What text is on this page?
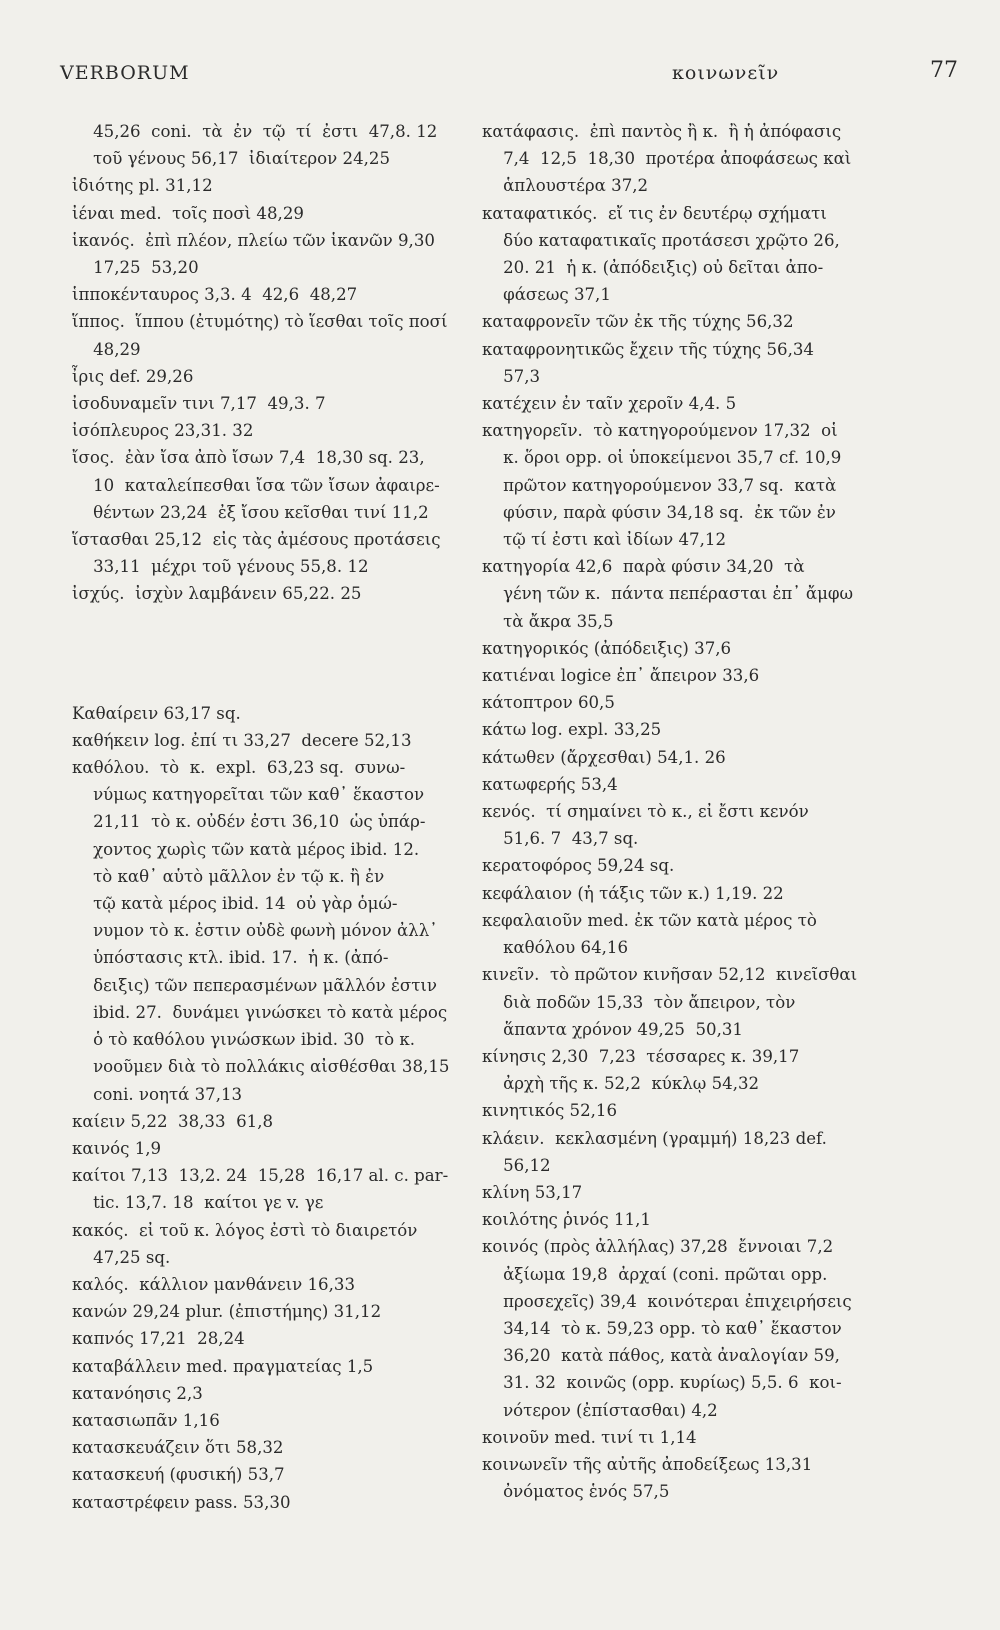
VERBORUM	κοινωνεῖν	77
45,26  coni.  τὰ  ἐν  τῷ  τί  ἐστι  47,8. 12
τοῦ γένους 56,17  ἰδιαίτερον 24,25
ἰδιότης pl. 31,12
ἰέναι med.  τοῖς ποσὶ 48,29
ἱκανός.  ἐπὶ πλέον, πλείω τῶν ἱκανῶν 9,30
17,25  53,20
ἱπποκένταυρος 3,3. 4  42,6  48,27
ἵππος.  ἵππου (ἐτυμότης) τὸ ἵεσθαι τοῖς ποσί
48,29
ἶρις def. 29,26
ἰσοδυναμεῖν τινι 7,17  49,3. 7
ἰσόπλευρος 23,31. 32
ἴσος.  ἐὰν ἴσα ἀπὸ ἴσων 7,4  18,30 sq. 23,
10  καταλείπεσθαι ἴσα τῶν ἴσων ἀφαιρε-
θέντων 23,24  ἐξ ἴσου κεῖσθαι τινί 11,2
ἵστασθαι 25,12  εἰς τὰς ἀμέσους προτάσεις
33,11  μέχρι τοῦ γένους 55,8. 12
ἰσχύς.  ἰσχὺν λαμβάνειν 65,22. 25
Καθαίρειν 63,17 sq.
καθήκειν log. ἐπί τι 33,27  decere 52,13
καθόλου.  τὸ  κ.  expl.  63,23 sq.  συνω-
νύμως κατηγορεῖται τῶν καθ᾽ ἕκαστον
21,11  τὸ κ. οὐδέν ἐστι 36,10  ὡς ὑπάρ-
χοντος χωρὶς τῶν κατὰ μέρος ibid. 12.
τὸ καθ᾽ αὑτὸ μᾶλλον ἐν τῷ κ. ἢ ἐν
τῷ κατὰ μέρος ibid. 14  οὐ γὰρ ὁμώ-
νυμον τὸ κ. ἐστιν οὐδὲ φωνὴ μόνον ἀλλ᾽
ὑπόστασις κτλ. ibid. 17.  ἡ κ. (ἀπό-
δειξις) τῶν πεπερασμένων μᾶλλόν ἐστιν
ibid. 27.  δυνάμει γινώσκει τὸ κατὰ μέρος
ὁ τὸ καθόλου γινώσκων ibid. 30  τὸ κ.
νοοῦμεν διὰ τὸ πολλάκις αἰσθέσθαι 38,15
coni. νοητά 37,13
καίειν 5,22  38,33  61,8
καινός 1,9
καίτοι 7,13  13,2. 24  15,28  16,17 al. c. par-
tic. 13,7. 18  καίτοι γε v. γε
κακός.  εἰ τοῦ κ. λόγος ἐστὶ τὸ διαιρετόν
47,25 sq.
καλός.  κάλλιον μανθάνειν 16,33
κανών 29,24 plur. (ἐπιστήμης) 31,12
καπνός 17,21  28,24
καταβάλλειν med. πραγματείας 1,5
κατανόησις 2,3
κατασιωπᾶν 1,16
κατασκευάζειν ὅτι 58,32
κατασκευή (φυσική) 53,7
καταστρέφειν pass. 53,30
κατάφασις.  ἐπὶ παντὸς ἢ κ.  ἢ ἡ ἀπόφασις
7,4  12,5  18,30  προτέρα ἀποφάσεως καὶ
ἁπλουστέρα 37,2
καταφατικός.  εἴ τις ἐν δευτέρῳ σχήματι
δύο καταφατικαῖς προτάσεσι χρῷτο 26,
20. 21  ἡ κ. (ἀπόδειξις) οὐ δεῖται ἀπο-
φάσεως 37,1
καταφρονεῖν τῶν ἐκ τῆς τύχης 56,32
καταφρονητικῶς ἔχειν τῆς τύχης 56,34
57,3
κατέχειν ἐν ταῖν χεροῖν 4,4. 5
κατηγορεῖν.  τὸ κατηγορούμενον 17,32  οἱ
κ. ὅροι opp. οἱ ὑποκείμενοι 35,7 cf. 10,9
πρῶτον κατηγορούμενον 33,7 sq.  κατὰ
φύσιν, παρὰ φύσιν 34,18 sq.  ἐκ τῶν ἐν
τῷ τί ἐστι καὶ ἰδίων 47,12
κατηγορία 42,6  παρὰ φύσιν 34,20  τὰ
γένη τῶν κ.  πάντα πεπέρασται ἐπ᾽ ἄμφω
τὰ ἄκρα 35,5
κατηγορικός (ἀπόδειξις) 37,6
κατιέναι logice ἐπ᾽ ἄπειρον 33,6
κάτοπτρον 60,5
κάτω log. expl. 33,25
κάτωθεν (ἄρχεσθαι) 54,1. 26
κατωφερής 53,4
κενός.  τί σημαίνει τὸ κ., εἰ ἔστι κενόν
51,6. 7  43,7 sq.
κερατοφόρος 59,24 sq.
κεφάλαιον (ἡ τάξις τῶν κ.) 1,19. 22
κεφαλαιοῦν med. ἐκ τῶν κατὰ μέρος τὸ
καθόλου 64,16
κινεῖν.  τὸ πρῶτον κινῆσαν 52,12  κινεῖσθαι
διὰ ποδῶν 15,33  τὸν ἄπειρον, τὸν
ἅπαντα χρόνον 49,25  50,31
κίνησις 2,30  7,23  τέσσαρες κ. 39,17
ἀρχὴ τῆς κ. 52,2  κύκλῳ 54,32
κινητικός 52,16
κλάειν.  κεκλασμένη (γραμμή) 18,23 def.
56,12
κλίνη 53,17
κοιλότης ῥινός 11,1
κοινός (πρὸς ἀλλήλας) 37,28  ἔννοιαι 7,2
ἀξίωμα 19,8  ἀρχαί (coni. πρῶται opp.
προσεχεῖς) 39,4  κοινότεραι ἐπιχειρήσεις
34,14  τὸ κ. 59,23 opp. τὸ καθ᾽ ἕκαστον
36,20  κατὰ πάθος, κατὰ ἀναλογίαν 59,
31. 32  κοινῶς (opp. κυρίως) 5,5. 6  κοι-
νότερον (ἐπίστασθαι) 4,2
κοινοῦν med. τινί τι 1,14
κοινωνεῖν τῆς αὐτῆς ἀποδείξεως 13,31
ὀνόματος ἑνός 57,5
